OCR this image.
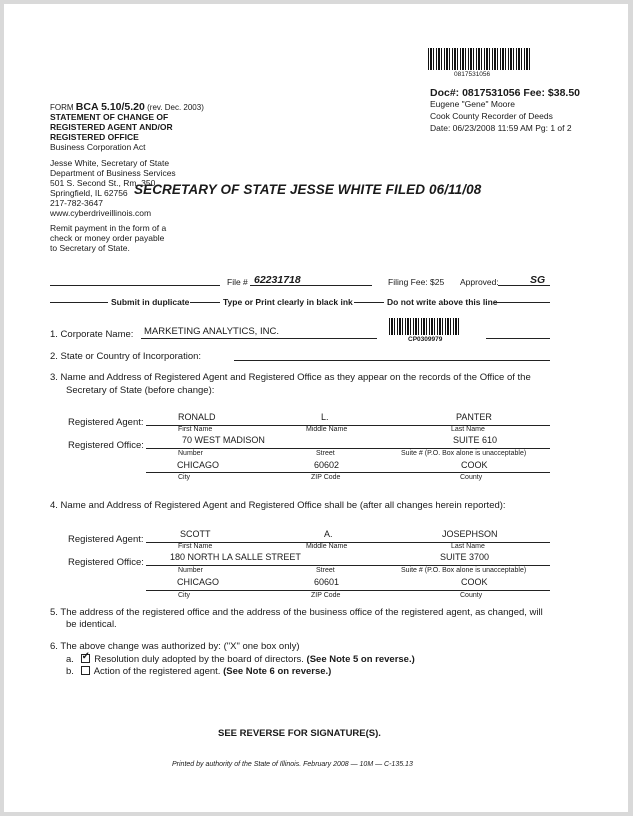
0817531056
Doc#: 0817531056 Fee: $38.50
Eugene "Gene" Moore
Cook County Recorder of Deeds
Date: 06/23/2008 11:59 AM Pg: 1 of 2
FORM BCA 5.10/5.20 (rev. Dec. 2003)
STATEMENT OF CHANGE OF
REGISTERED AGENT AND/OR
REGISTERED OFFICE
Business Corporation Act
Jesse White, Secretary of State
Department of Business Services
501 S. Second St., Rm. 350
Springfield, IL 62756
217-782-3647
www.cyberdriveillinois.com
SECRETARY OF STATE JESSE WHITE FILED 06/11/08
Remit payment in the form of a
check or money order payable
to Secretary of State.
File # 62231718	Filing Fee: $25 Approved:	SG
Submit in duplicate	Type or Print clearly in black ink	Do not write above this line
CP0309979
1. Corporate Name: MARKETING ANALYTICS, INC.
2. State or Country of Incorporation:
3. Name and Address of Registered Agent and Registered Office as they appear on the records of the Office of the
Secretary of State (before change):
Registered Agent:	RONALD	L.	PANTER
First Name	Middle Name	Last Name
Registered Office:	70 WEST MADISON	SUITE 610
Number	Street	Suite # (P.O. Box alone is unacceptable)
CHICAGO	60602	COOK
City	ZIP Code	County
4. Name and Address of Registered Agent and Registered Office shall be (after all changes herein reported):
Registered Agent:	SCOTT	A.	JOSEPHSON
First Name	Middle Name	Last Name
Registered Office:	180 NORTH LA SALLE STREET	SUITE 3700
Number	Street	Suite # (P.O. Box alone is unacceptable)
CHICAGO	60601	COOK
City	ZIP Code	County
5. The address of the registered office and the address of the business office of the registered agent, as changed, will
be identical.
6. The above change was authorized by: ("X" one box only)
a. ✓ Resolution duly adopted by the board of directors. (See Note 5 on reverse.)
b. Action of the registered agent. (See Note 6 on reverse.)
SEE REVERSE FOR SIGNATURE(S).
Printed by authority of the State of Illinois. February 2008 — 10M — C-135.13
